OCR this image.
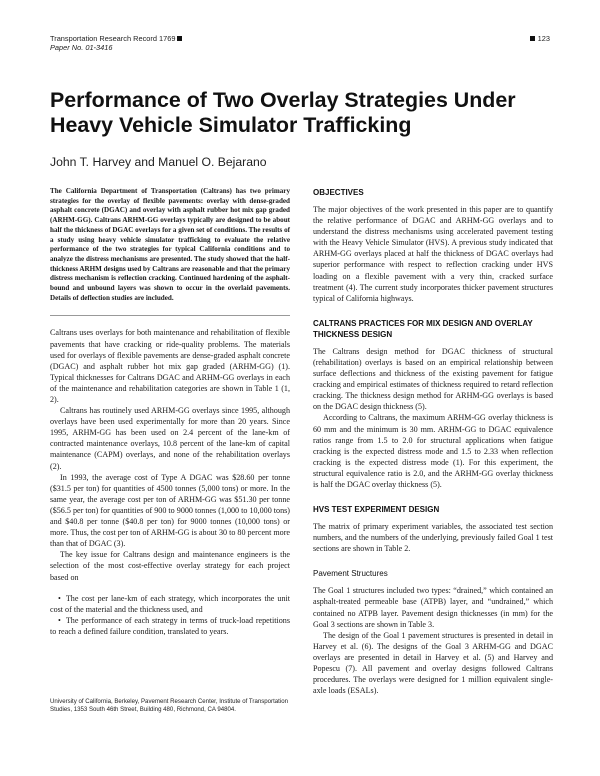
Transportation Research Record 1769
Paper No. 01-3416
123
Performance of Two Overlay Strategies Under Heavy Vehicle Simulator Trafficking
John T. Harvey and Manuel O. Bejarano

The California Department of Transportation (Caltrans) has two primary strategies for the overlay of flexible pavements: overlay with dense-graded asphalt concrete (DGAC) and overlay with asphalt rubber hot mix gap graded (ARHM-GG). Caltrans ARHM-GG overlays typically are designed to be about half the thickness of DGAC overlays for a given set of conditions. The results of a study using heavy vehicle simulator trafficking to evaluate the relative performance of the two strategies for typical California conditions and to analyze the distress mechanisms are presented. The study showed that the half-thickness ARHM designs used by Caltrans are reasonable and that the primary distress mechanism is reflection cracking. Continued hardening of the asphalt-bound and unbound layers was shown to occur in the overlaid pavements. Details of deflection studies are included.

Caltrans uses overlays for both maintenance and rehabilitation of flexible pavements that have cracking or ride-quality problems. The materials used for overlays of flexible pavements are dense-graded asphalt concrete (DGAC) and asphalt rubber hot mix gap graded (ARHM-GG) (1). Typical thicknesses for Caltrans DGAC and ARHM-GG overlays in each of the maintenance and rehabilitation categories are shown in Table 1 (1, 2).

Caltrans has routinely used ARHM-GG overlays since 1995, although overlays have been used experimentally for more than 20 years. Since 1995, ARHM-GG has been used on 2.4 percent of the lane-km of contracted maintenance overlays, 10.8 percent of the lane-km of capital maintenance (CAPM) overlays, and none of the rehabilitation overlays (2).

In 1993, the average cost of Type A DGAC was $28.60 per tonne ($31.5 per ton) for quantities of 4500 tonnes (5,000 tons) or more. In the same year, the average cost per ton of ARHM-GG was $51.30 per tonne ($56.5 per ton) for quantities of 900 to 9000 tonnes (1,000 to 10,000 tons) and $40.8 per tonne ($40.8 per ton) for 9000 tonnes (10,000 tons) or more. Thus, the cost per ton of ARHM-GG is about 30 to 80 percent more than that of DGAC (3).

The key issue for Caltrans design and maintenance engineers is the selection of the most cost-effective overlay strategy for each project based on

• The cost per lane-km of each strategy, which incorporates the unit cost of the material and the thickness used, and

• The performance of each strategy in terms of truck-load repetitions to reach a defined failure condition, translated to years.

University of California, Berkeley, Pavement Research Center, Institute of Transportation Studies, 1353 South 46th Street, Building 480, Richmond, CA 94804.
OBJECTIVES

The major objectives of the work presented in this paper are to quantify the relative performance of DGAC and ARHM-GG overlays and to understand the distress mechanisms using accelerated pavement testing with the Heavy Vehicle Simulator (HVS). A previous study indicated that ARHM-GG overlays placed at half the thickness of DGAC overlays had superior performance with respect to reflection cracking under HVS loading on a flexible pavement with a very thin, cracked surface treatment (4). The current study incorporates thicker pavement structures typical of California highways.

CALTRANS PRACTICES FOR MIX DESIGN AND OVERLAY THICKNESS DESIGN

The Caltrans design method for DGAC thickness of structural (rehabilitation) overlays is based on an empirical relationship between surface deflections and thickness of the existing pavement for fatigue cracking and empirical estimates of thickness required to retard reflection cracking. The thickness design method for ARHM-GG overlays is based on the DGAC design thickness (5).

According to Caltrans, the maximum ARHM-GG overlay thickness is 60 mm and the minimum is 30 mm. ARHM-GG to DGAC equivalence ratios range from 1.5 to 2.0 for structural applications when fatigue cracking is the expected distress mode and 1.5 to 2.33 when reflection cracking is the expected distress mode (1). For this experiment, the structural equivalence ratio is 2.0, and the ARHM-GG overlay thickness is half the DGAC overlay thickness (5).

HVS TEST EXPERIMENT DESIGN

The matrix of primary experiment variables, the associated test section numbers, and the numbers of the underlying, previously failed Goal 1 test sections are shown in Table 2.

Pavement Structures

The Goal 1 structures included two types: “drained,” which contained an asphalt-treated permeable base (ATPB) layer, and “undrained,” which contained no ATPB layer. Pavement design thicknesses (in mm) for the Goal 3 sections are shown in Table 3.

The design of the Goal 1 pavement structures is presented in detail in Harvey et al. (6). The designs of the Goal 3 ARHM-GG and DGAC overlays are presented in detail in Harvey et al. (5) and Harvey and Popescu (7). All pavement and overlay designs followed Caltrans procedures. The overlays were designed for 1 million equivalent single-axle loads (ESALs).
